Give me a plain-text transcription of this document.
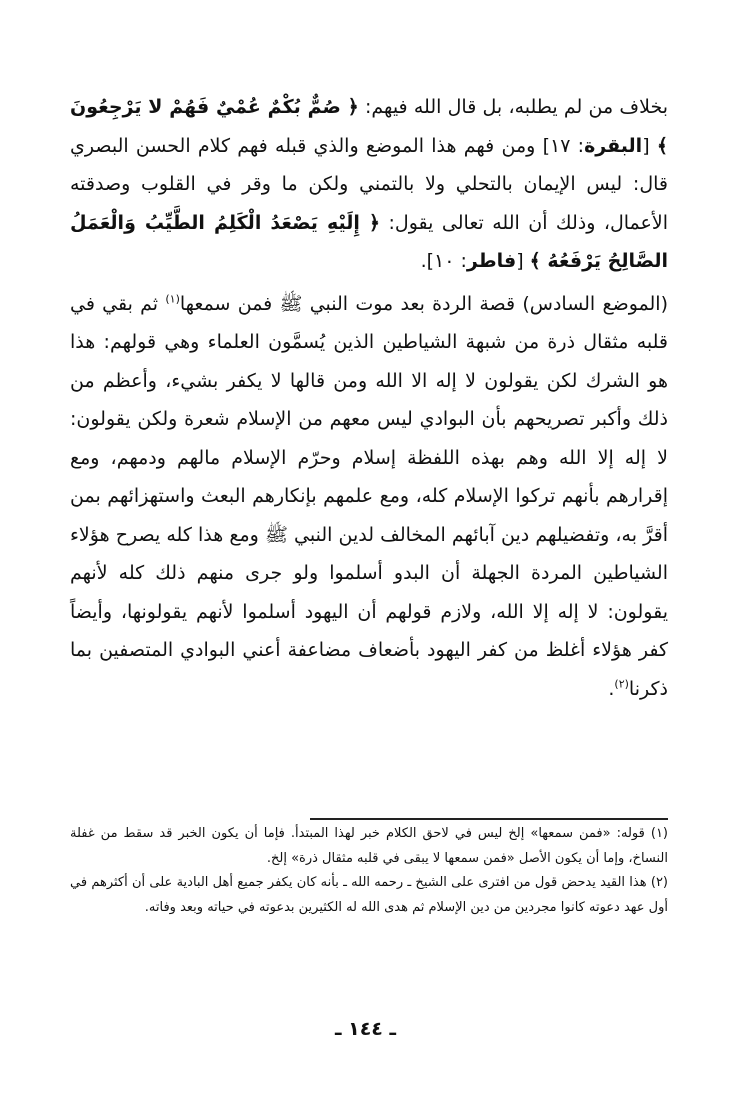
بخلاف من لم يطلبه، بل قال الله فيهم: ﴿ صُمٌّ بُكْمٌ عُمْيٌ فَهُمْ لا يَرْجِعُونَ ﴾ [البقرة: ١٧] ومن فهم هذا الموضع والذي قبله فهم كلام الحسن البصري قال: ليس الإيمان بالتحلي ولا بالتمني ولكن ما وقر في القلوب وصدقته الأعمال، وذلك أن الله تعالى يقول: ﴿ إِلَيْهِ يَصْعَدُ الْكَلِمُ الطَّيِّبُ وَالْعَمَلُ الصَّالِحُ يَرْفَعُهُ ﴾ [فاطر: ١٠].

(الموضع السادس) قصة الردة بعد موت النبي ﷺ فمن سمعها$^{(١)}$ ثم بقي في قلبه مثقال ذرة من شبهة الشياطين الذين يُسمَّون العلماء وهي قولهم: هذا هو الشرك لكن يقولون لا إله الا الله ومن قالها لا يكفر بشيء، وأعظم من ذلك وأكبر تصريحهم بأن البوادي ليس معهم من الإسلام شعرة ولكن يقولون: لا إله إلا الله وهم بهذه اللفظة إسلام وحرّم الإسلام مالهم ودمهم، ومع إقرارهم بأنهم تركوا الإسلام كله، ومع علمهم بإنكارهم البعث واستهزائهم بمن أقرَّ به، وتفضيلهم دين آبائهم المخالف لدين النبي ﷺ ومع هذا كله يصرح هؤلاء الشياطين المردة الجهلة أن البدو أسلموا ولو جرى منهم ذلك كله لأنهم يقولون: لا إله إلا الله، ولازم قولهم أن اليهود أسلموا لأنهم يقولونها، وأيضاً كفر هؤلاء أغلظ من كفر اليهود بأضعاف مضاعفة أعني البوادي المتصفين بما ذكرنا$^{(٢)}$.

(١) قوله: «فمن سمعها» إلخ ليس في لاحق الكلام خبر لهذا المبتدأ. فإما أن يكون الخبر قد سقط من غفلة النساخ، وإما أن يكون الأصل «فمن سمعها لا يبقى في قلبه مثقال ذرة» إلخ.

(٢) هذا القيد يدحض قول من افترى على الشيخ ـ رحمه الله ـ بأنه كان يكفر جميع أهل البادية على أن أكثرهم في أول عهد دعوته كانوا مجردين من دين الإسلام ثم هدى الله له الكثيرين بدعوته في حياته وبعد وفاته.

ـ ١٤٤ ـ
